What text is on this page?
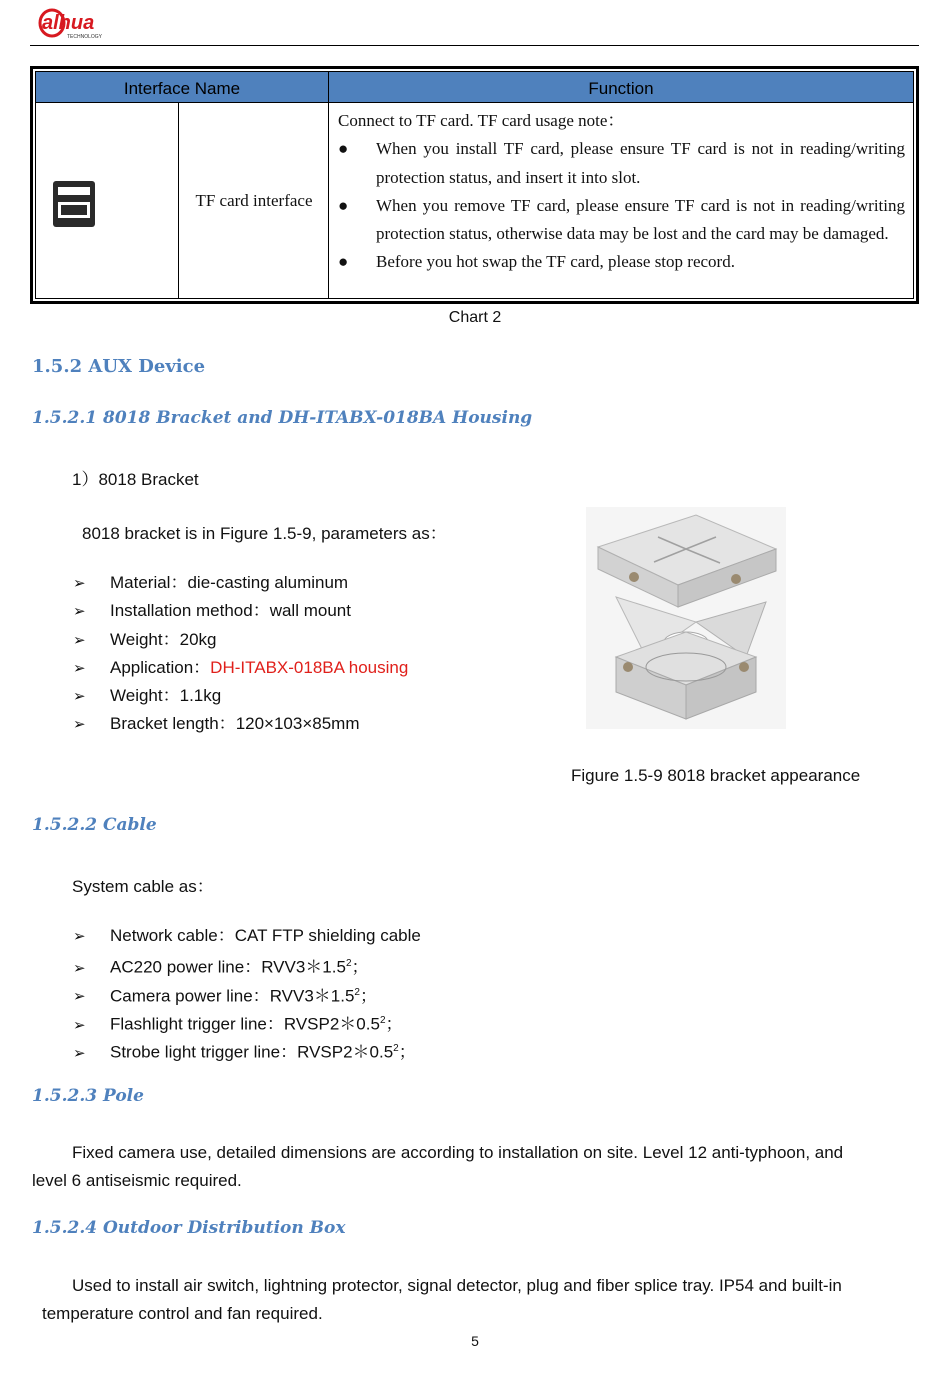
alhua
TECHNOLOGY
Interface Name	Function
TF card interface

Connect to TF card. TF card usage note：

● When you install TF card, please ensure TF card is not in reading/writing protection status, and insert it into slot.
● When you remove TF card, please ensure TF card is not in reading/writing protection status, otherwise data may be lost and the card may be damaged.
● Before you hot swap the TF card, please stop record.
Chart 2
1.5.2 AUX Device
1.5.2.1 8018 Bracket and DH-ITABX-018BA Housing
1）8018 Bracket
8018 bracket is in Figure 1.5-9, parameters as：
➢ Material：die-casting aluminum
➢ Installation method：wall mount
➢ Weight：20kg
➢ Application：DH-ITABX-018BA housing
➢ Weight：1.1kg
➢ Bracket length：120×103×85mm
Figure 1.5-9 8018 bracket appearance
1.5.2.2 Cable
System cable as：
➢ Network cable：CAT FTP shielding cable
➢ AC220 power line：$RVV3*1.5^2$；
➢ Camera power line：$RVV3*1.5^2$；
➢ Flashlight trigger line：$RVSP2*0.5^2$；
➢ Strobe light trigger line：$RVSP2*0.5^2$；
1.5.2.3 Pole
Fixed camera use, detailed dimensions are according to installation on site. Level 12 anti-typhoon, and
level 6 antiseismic required.
1.5.2.4 Outdoor Distribution Box
Used to install air switch, lightning protector, signal detector, plug and fiber splice tray. IP54 and built-in
temperature control and fan required.
5
